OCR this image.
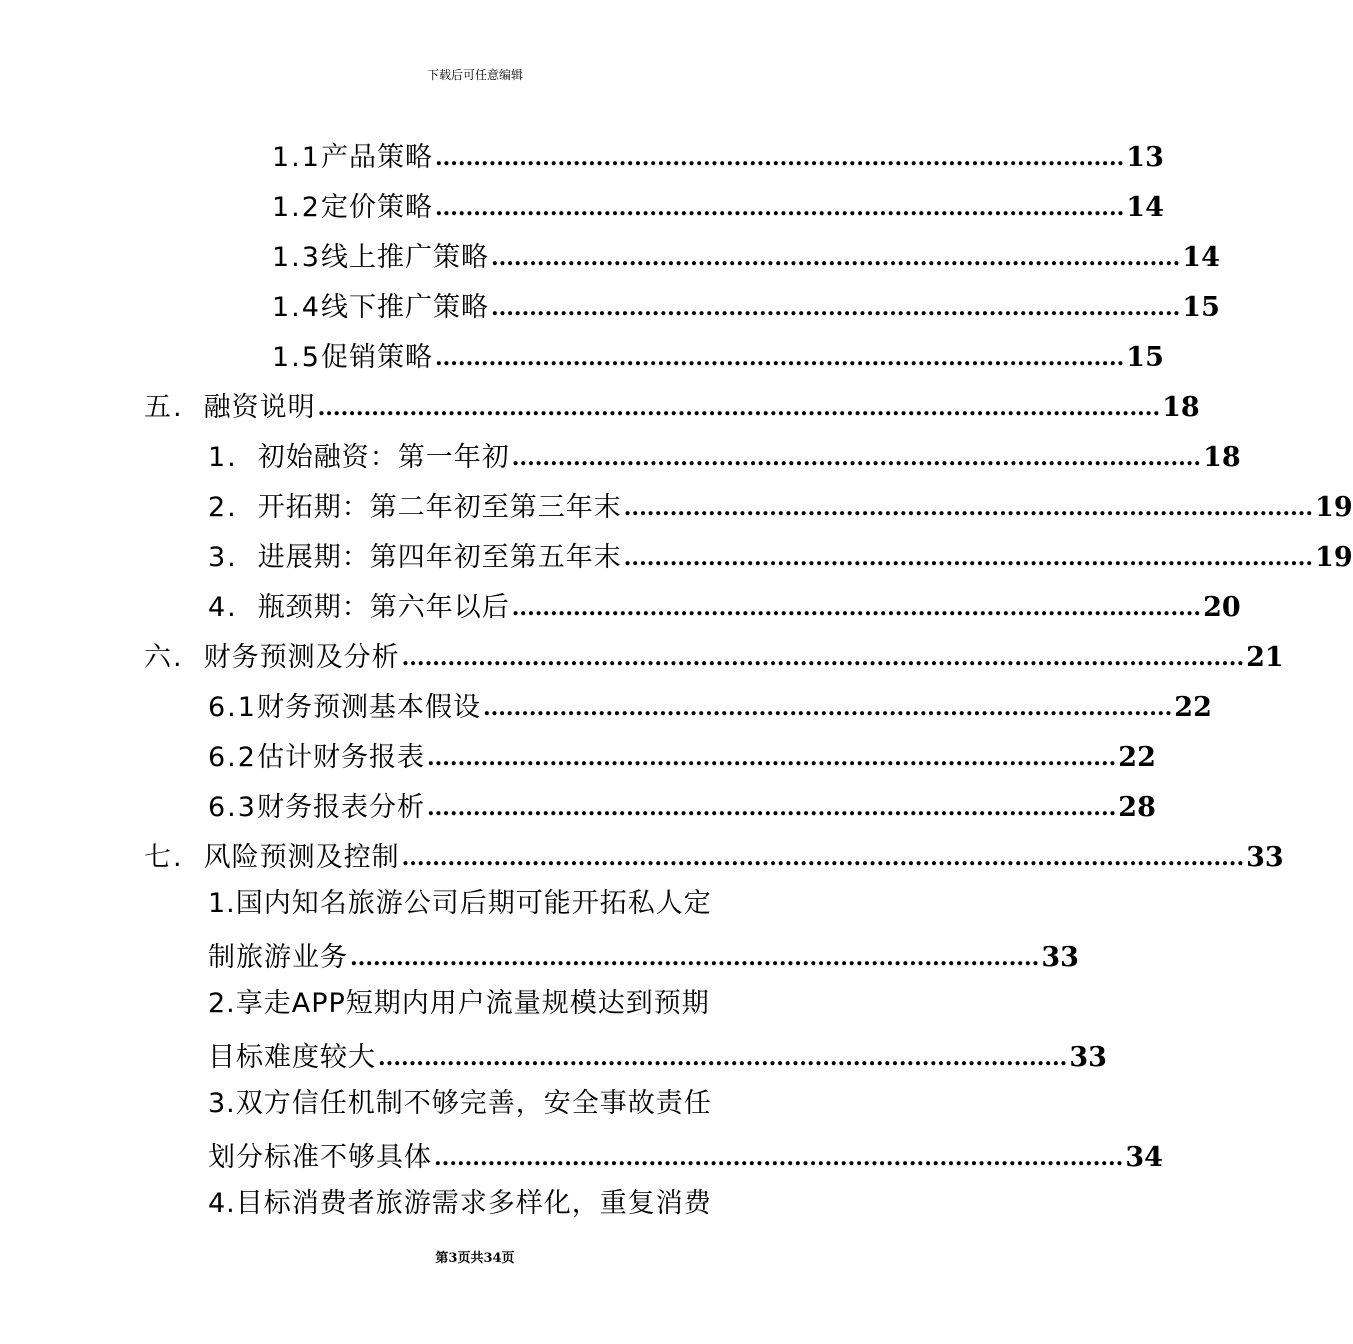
下载后可任意编辑
1.1 产品策略 .......................................................................................... 13
1.2 定价策略 .......................................................................................... 14
1.3 线上推广策略 .......................................................................................... 14
1.4 线下推广策略 .......................................................................................... 15
1.5 促销策略 .......................................................................................... 15
五. 融资说明 .............................................................................................................. 18
1. 初始融资：第一年初 .......................................................................................... 18
2. 开拓期：第二年初至第三年末 .......................................................................................... 19
3. 进展期：第四年初至第五年末 .......................................................................................... 19
4. 瓶颈期：第六年以后 .......................................................................................... 20
六. 财务预测及分析 .............................................................................................................. 21
6.1 财务预测基本假设 .......................................................................................... 22
6.2 估计财务报表 .......................................................................................... 22
6.3 财务报表分析 .......................................................................................... 28
七. 风险预测及控制 .............................................................................................................. 33
1.国内知名旅游公司后期可能开拓私人定
制旅游业务 .......................................................................................... 33
2.享走APP短期内用户流量规模达到预期
目标难度较大 .......................................................................................... 33
3.双方信任机制不够完善，安全事故责任
划分标准不够具体 .......................................................................................... 34
4.目标消费者旅游需求多样化，重复消费
第3页共34页
